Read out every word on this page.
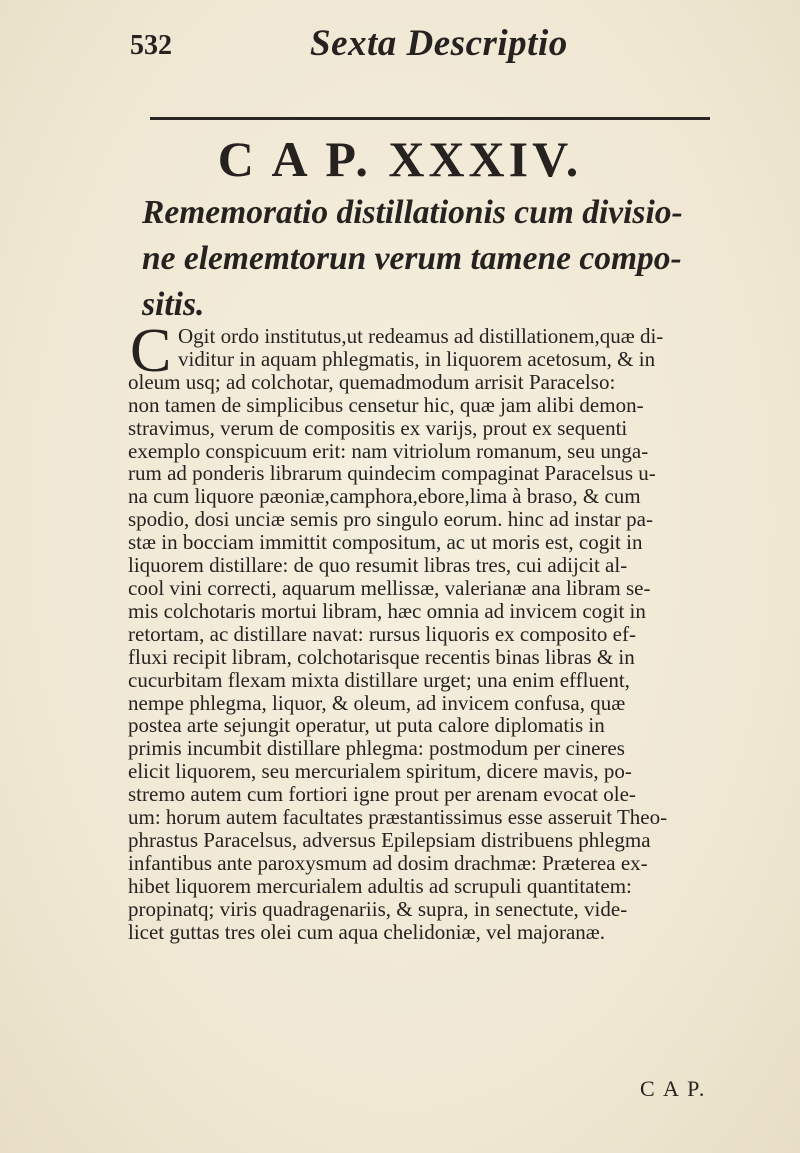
532	Sexta Descriptio
C A P. XXXIV.
Rememoratio distillationis cum divisio-
ne elememtorun verum tamene compo-
sitis.
C Ogit ordo institutus,ut redeamus ad distillationem,quæ di-
viditur in aquam phlegmatis, in liquorem acetosum, & in
oleum usq; ad colchotar, quemadmodum arrisit Paracelso:
non tamen de simplicibus censetur hic, quæ jam alibi demon-
stravimus, verum de compositis ex varijs, prout ex sequenti
exemplo conspicuum erit: nam vitriolum romanum, seu unga-
rum ad ponderis librarum quindecim compaginat Paracelsus u-
na cum liquore pæoniæ,camphora,ebore,lima à braso, & cum
spodio, dosi unciæ semis pro singulo eorum. hinc ad instar pa-
stæ in bocciam immittit compositum, ac ut moris est, cogit in
liquorem distillare: de quo resumit libras tres, cui adijcit al-
cool vini correcti, aquarum mellissæ, valerianæ ana libram se-
mis colchotaris mortui libram, hæc omnia ad invicem cogit in
retortam, ac distillare navat: rursus liquoris ex composito ef-
fluxi recipit libram, colchotarisque recentis binas libras & in
cucurbitam flexam mixta distillare urget; una enim effluent,
nempe phlegma, liquor, & oleum, ad invicem confusa, quæ
postea arte sejungit operatur, ut puta calore diplomatis in
primis incumbit distillare phlegma: postmodum per cineres
elicit liquorem, seu mercurialem spiritum, dicere mavis, po-
stremo autem cum fortiori igne prout per arenam evocat ole-
um: horum autem facultates præstantissimus esse asseruit Theo-
phrastus Paracelsus, adversus Epilepsiam distribuens phlegma
infantibus ante paroxysmum ad dosim drachmæ: Præterea ex-
hibet liquorem mercurialem adultis ad scrupuli quantitatem:
propinatq; viris quadragenariis, & supra, in senectute, vide-
licet guttas tres olei cum aqua chelidoniæ, vel majoranæ.
C A P.
